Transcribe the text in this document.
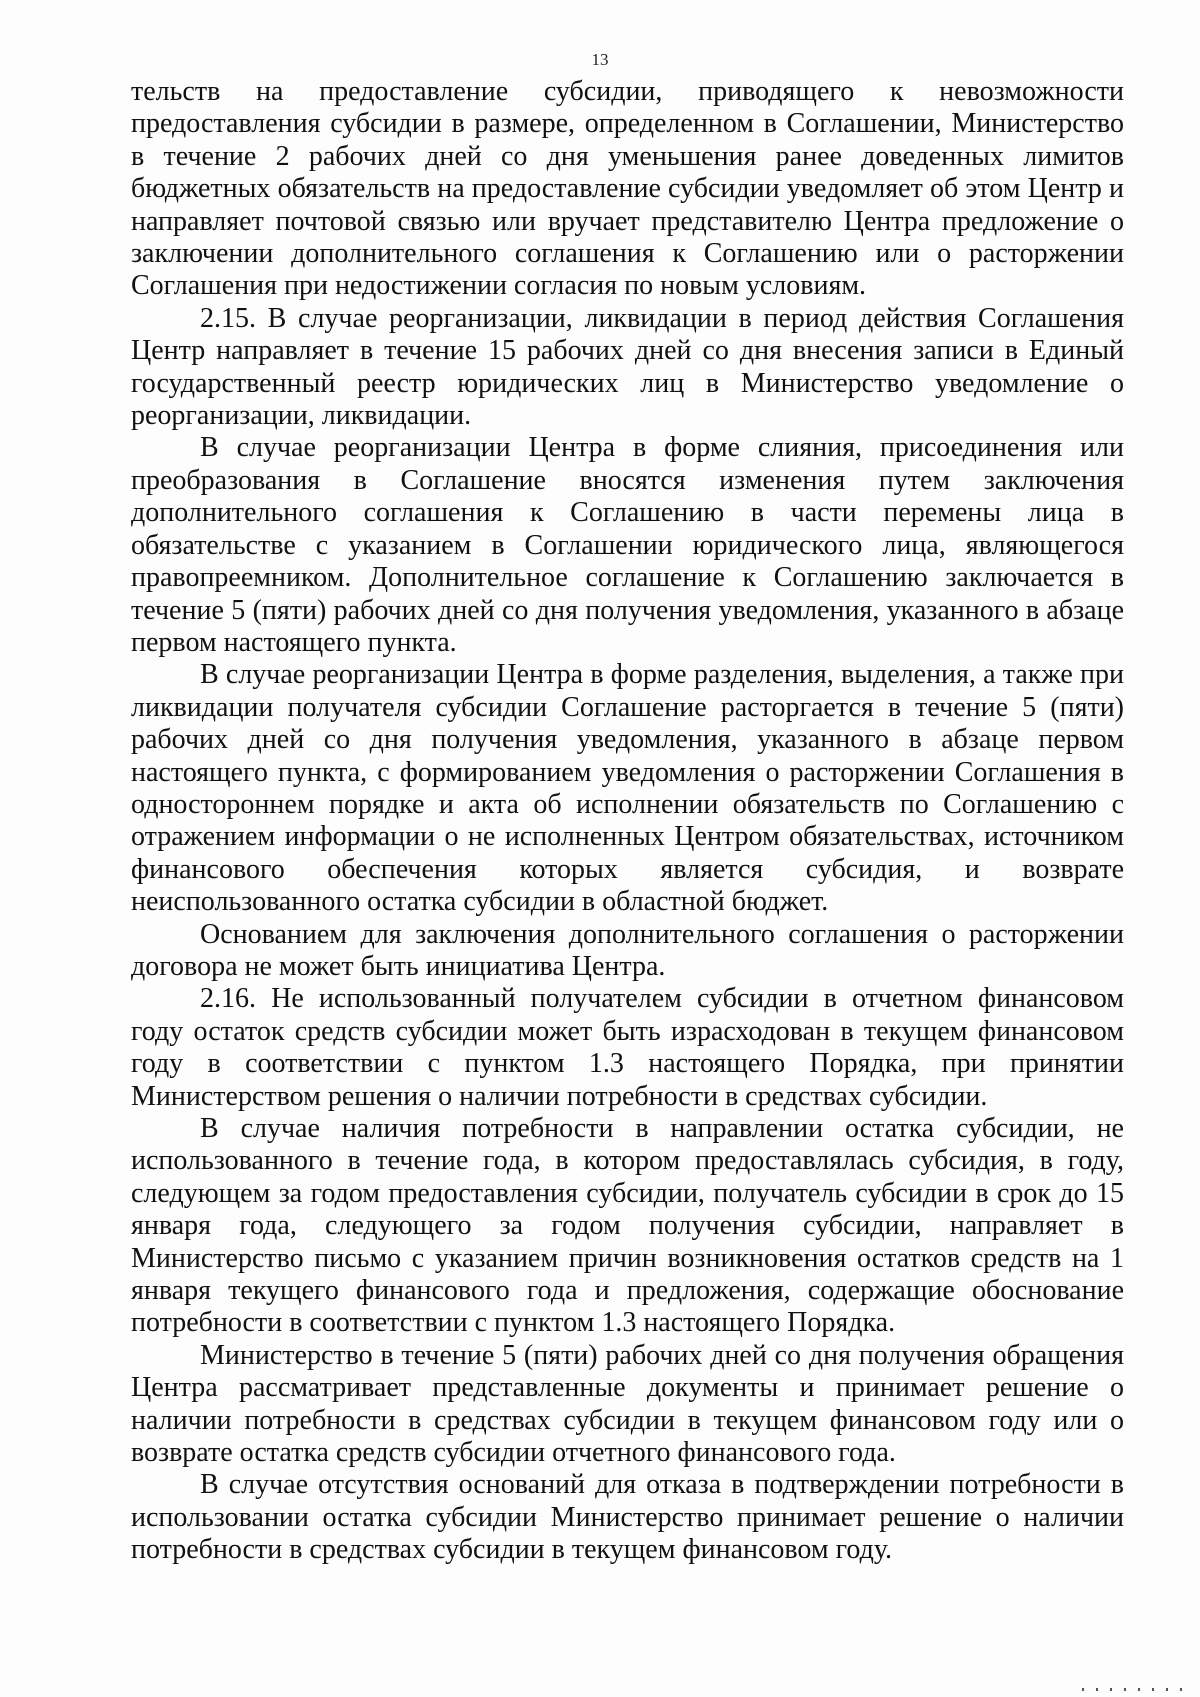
13

тельств на предоставление субсидии, приводящего к невозможности предоставления субсидии в размере, определенном в Соглашении, Министерство в течение 2 рабочих дней со дня уменьшения ранее доведенных лимитов бюджетных обязательств на предоставление субсидии уведомляет об этом Центр и направляет почтовой связью или вручает представителю Центра предложение о заключении дополнительного соглашения к Соглашению или о расторжении Соглашения при недостижении согласия по новым условиям.

2.15. В случае реорганизации, ликвидации в период действия Соглашения Центр направляет в течение 15 рабочих дней со дня внесения записи в Единый государственный реестр юридических лиц в Министерство уведомление о реорганизации, ликвидации.

В случае реорганизации Центра в форме слияния, присоединения или преобразования в Соглашение вносятся изменения путем заключения дополнительного соглашения к Соглашению в части перемены лица в обязательстве с указанием в Соглашении юридического лица, являющегося правопреемником. Дополнительное соглашение к Соглашению заключается в течение 5 (пяти) рабочих дней со дня получения уведомления, указанного в абзаце первом настоящего пункта.

В случае реорганизации Центра в форме разделения, выделения, а также при ликвидации получателя субсидии Соглашение расторгается в течение 5 (пяти) рабочих дней со дня получения уведомления, указанного в абзаце первом настоящего пункта, с формированием уведомления о расторжении Соглашения в одностороннем порядке и акта об исполнении обязательств по Соглашению с отражением информации о не исполненных Центром обязательствах, источником финансового обеспечения которых является субсидия, и возврате неиспользованного остатка субсидии в областной бюджет.

Основанием для заключения дополнительного соглашения о расторжении договора не может быть инициатива Центра.

2.16. Не использованный получателем субсидии в отчетном финансовом году остаток средств субсидии может быть израсходован в текущем финансовом году в соответствии с пунктом 1.3 настоящего Порядка, при принятии Министерством решения о наличии потребности в средствах субсидии.

В случае наличия потребности в направлении остатка субсидии, не использованного в течение года, в котором предоставлялась субсидия, в году, следующем за годом предоставления субсидии, получатель субсидии в срок до 15 января года, следующего за годом получения субсидии, направляет в Министерство письмо с указанием причин возникновения остатков средств на 1 января текущего финансового года и предложения, содержащие обоснование потребности в соответствии с пунктом 1.3 настоящего Порядка.

Министерство в течение 5 (пяти) рабочих дней со дня получения обращения Центра рассматривает представленные документы и принимает решение о наличии потребности в средствах субсидии в текущем финансовом году или о возврате остатка средств субсидии отчетного финансового года.

В случае отсутствия оснований для отказа в подтверждении потребности в использовании остатка субсидии Министерство принимает решение о наличии потребности в средствах субсидии в текущем финансовом году.
